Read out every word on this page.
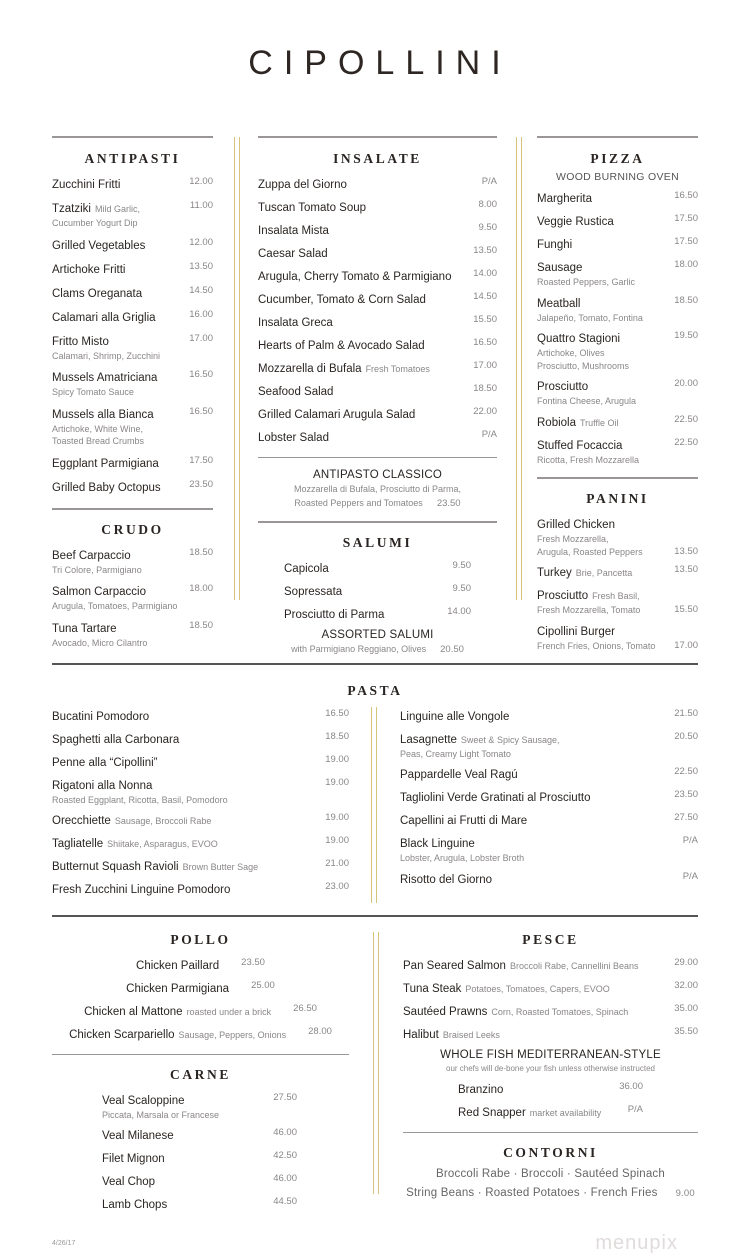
CIPOLLINI
ANTIPASTI
Zucchini Fritti	12.00
Tzatziki Mild Garlic,	11.00
Cucumber Yogurt Dip
Grilled Vegetables	12.00
Artichoke Fritti	13.50
Clams Oreganata	14.50
Calamari alla Griglia	16.00
Fritto Misto	17.00
Calamari, Shrimp, Zucchini
Mussels Amatriciana	16.50
Spicy Tomato Sauce
Mussels alla Bianca	16.50
Artichoke, White Wine,
Toasted Bread Crumbs
Eggplant Parmigiana	17.50
Grilled Baby Octopus	23.50
CRUDO
Beef Carpaccio	18.50
Tri Colore, Parmigiano
Salmon Carpaccio	18.00
Arugula, Tomatoes, Parmigiano
Tuna Tartare	18.50
Avocado, Micro Cilantro
INSALATE
Zuppa del Giorno	P/A
Tuscan Tomato Soup	8.00
Insalata Mista	9.50
Caesar Salad	13.50
Arugula, Cherry Tomato & Parmigiano	14.00
Cucumber, Tomato & Corn Salad	14.50
Insalata Greca	15.50
Hearts of Palm & Avocado Salad	16.50
Mozzarella di Bufala Fresh Tomatoes	17.00
Seafood Salad	18.50
Grilled Calamari Arugula Salad	22.00
Lobster Salad	P/A
ANTIPASTO CLASSICO
Mozzarella di Bufala, Prosciutto di Parma,
Roasted Peppers and Tomatoes 23.50
SALUMI
Capicola	9.50
Sopressata	9.50
Prosciutto di Parma	14.00
ASSORTED SALUMI
with Parmigiano Reggiano, Olives 20.50
PIZZA
WOOD BURNING OVEN
Margherita	16.50
Veggie Rustica	17.50
Funghi	17.50
Sausage	18.00
Roasted Peppers, Garlic
Meatball	18.50
Jalapeño, Tomato, Fontina
Quattro Stagioni	19.50
Artichoke, Olives
Prosciutto, Mushrooms
Prosciutto	20.00
Fontina Cheese, Arugula
Robiola Truffle Oil	22.50
Stuffed Focaccia	22.50
Ricotta, Fresh Mozzarella
PANINI
Grilled Chicken
Fresh Mozzarella,
Arugula, Roasted Peppers	13.50
Turkey Brie, Pancetta	13.50
Prosciutto Fresh Basil,
Fresh Mozzarella, Tomato	15.50
Cipollini Burger
French Fries, Onions, Tomato 17.00
PASTA
Bucatini Pomodoro	16.50
Spaghetti alla Carbonara	18.50
Penne alla “Cipollini”	19.00
Rigatoni alla Nonna	19.00
Roasted Eggplant, Ricotta, Basil, Pomodoro
Orecchiette Sausage, Broccoli Rabe	19.00
Tagliatelle Shiitake, Asparagus, EVOO	19.00
Butternut Squash Ravioli Brown Butter Sage	21.00
Fresh Zucchini Linguine Pomodoro	23.00
Linguine alle Vongole	21.50
Lasagnette Sweet & Spicy Sausage,	20.50
Peas, Creamy Light Tomato
Pappardelle Veal Ragú	22.50
Tagliolini Verde Gratinati al Prosciutto	23.50
Capellini ai Frutti di Mare	27.50
Black Linguine	P/A
Lobster, Arugula, Lobster Broth
Risotto del Giorno	P/A
POLLO
Chicken Paillard 23.50
Chicken Parmigiana 25.00
Chicken al Mattone roasted under a brick 26.50
Chicken Scarpariello Sausage, Peppers, Onions 28.00
CARNE
Veal Scaloppine	27.50
Piccata, Marsala or Francese
Veal Milanese	46.00
Filet Mignon	42.50
Veal Chop	46.00
Lamb Chops	44.50
PESCE
Pan Seared Salmon Broccoli Rabe, Cannellini Beans	29.00
Tuna Steak Potatoes, Tomatoes, Capers, EVOO	32.00
Sautéed Prawns Corn, Roasted Tomatoes, Spinach	35.00
Halibut Braised Leeks	35.50
WHOLE FISH MEDITERRANEAN-STYLE
our chefs will de-bone your fish unless otherwise instructed
Branzino	36.00
Red Snapper market availability	P/A
CONTORNI
Broccoli Rabe · Broccoli · Sautéed Spinach
String Beans · Roasted Potatoes · French Fries 9.00
4/26/17	menupix
